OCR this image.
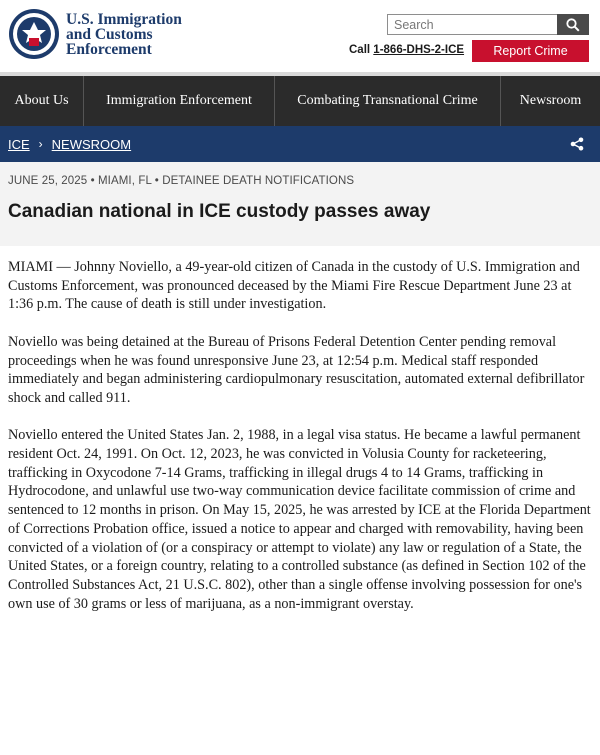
U.S. Immigration
and Customs
Enforcement
Search	Call 1-866-DHS-2-ICE	Report Crime
About Us	Immigration Enforcement	Combating Transnational Crime	Newsroom
ICE › NEWSROOM
JUNE 25, 2025 • MIAMI, FL • DETAINEE DEATH NOTIFICATIONS
Canadian national in ICE custody passes away

MIAMI — Johnny Noviello, a 49-year-old citizen of Canada in the custody of U.S. Immigration and Customs Enforcement, was pronounced deceased by the Miami Fire Rescue Department June 23 at 1:36 p.m. The cause of death is still under investigation.

Noviello was being detained at the Bureau of Prisons Federal Detention Center pending removal proceedings when he was found unresponsive June 23, at 12:54 p.m. Medical staff responded immediately and began administering cardiopulmonary resuscitation, automated external defibrillator shock and called 911.

Noviello entered the United States Jan. 2, 1988, in a legal visa status. He became a lawful permanent resident Oct. 24, 1991. On Oct. 12, 2023, he was convicted in Volusia County for racketeering, trafficking in Oxycodone 7-14 Grams, trafficking in illegal drugs 4 to 14 Grams, trafficking in Hydrocodone, and unlawful use two-way communication device facilitate commission of crime and sentenced to 12 months in prison. On May 15, 2025, he was arrested by ICE at the Florida Department of Corrections Probation office, issued a notice to appear and charged with removability, having been convicted of a violation of (or a conspiracy or attempt to violate) any law or regulation of a State, the United States, or a foreign country, relating to a controlled substance (as defined in Section 102 of the Controlled Substances Act, 21 U.S.C. 802), other than a single offense involving possession for one's own use of 30 grams or less of marijuana, as a non-immigrant overstay.
